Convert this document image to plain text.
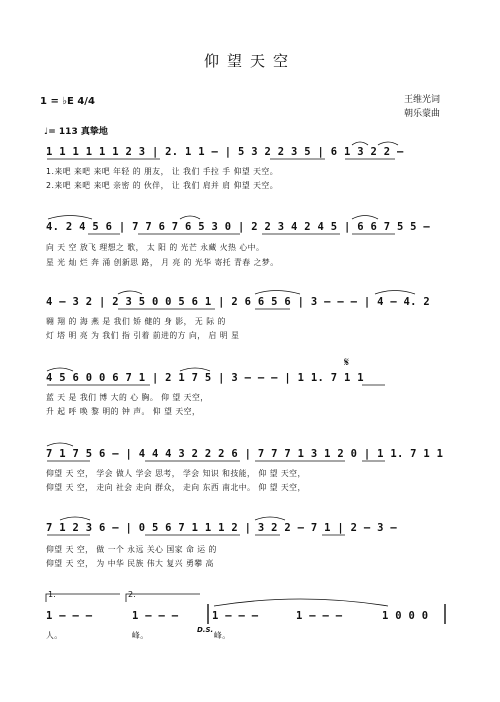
仰望天空
1 = ♭E 4/4	王维光词
朝乐蒙曲
♩= 113 真挚地
1 1 1 1 1 1 2 3 | 2. 1 1 – | 5 3 2 2 3 5 | 6 1 3 2 2 –
1.来吧 来吧 来吧 年轻 的 朋友， 让 我们 手拉 手 仰望 天空。
2.来吧 来吧 来吧 亲密 的 伙伴， 让 我们 肩并 肩 仰望 天空。
4. 2 4 5 6 | 7 7 6 7 6 5 3 0 | 2 2 3 4 2 4 5 | 6 6 7 5 5 –
向 天 空 放飞 理想之 歌， 太 阳 的 光芒 永藏 火热 心中。
星 光 灿 烂 奔 涌 创新思 路， 月 亮 的 光华 寄托 青春 之梦。
4 – 3 2 | 2 3 5 0 0 5 6 1 | 2 6 6 5 6 | 3 – – – | 4 – 4. 2
翱 翔 的 海 燕 是 我们 矫 健的 身 影， 无 际 的
灯 塔 明 亮 为 我们 指 引着 前进的方 向， 启 明 星
𝄋
4 5 6 0 0 6 7 1 | 2 1 7 5 | 3 – – – | 1 1. 7 1 1
蓝 天 是 我们 博 大的 心 胸。 仰 望 天空，
升 起 呼 唤 黎 明的 钟 声。 仰 望 天空，
7 1 7 5 6 – | 4 4 4 3 2 2 2 6 | 7 7 7 1 3 1 2 0 | 1 1. 7 1 1
仰望 天 空， 学会 做人 学会 思考， 学会 知识 和技能， 仰 望 天空，
仰望 天 空， 走向 社会 走向 群众， 走向 东西 南北中。 仰 望 天空，
7 1 2 3 6 – | 0 5 6 7 1 1 1 2 | 3 2 2 – 7 1 | 2 – 3 –
仰望 天 空， 做 一个 永远 关心 国家 命 运 的
仰望 天 空， 为 中华 民族 伟大 复兴 勇攀 高
1.	2.
1 – – –	1 – – –	1 – – –	1 – – –	1 0 0 0
人。	峰。
D.S.
峰。
